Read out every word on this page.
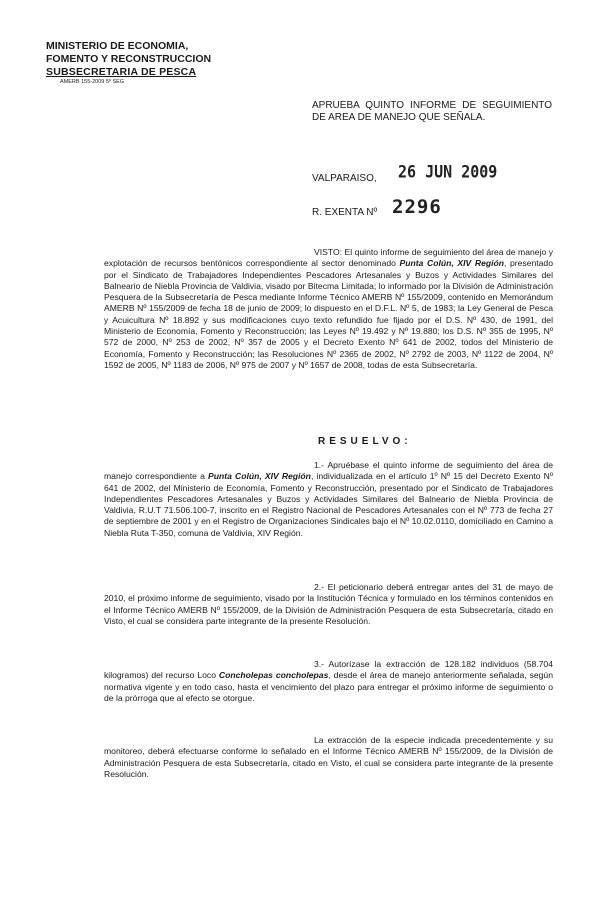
MINISTERIO DE ECONOMIA,
FOMENTO Y RECONSTRUCCION
SUBSECRETARIA DE PESCA
AMERB 155-2009 5º SEG
APRUEBA QUINTO INFORME DE SEGUIMIENTO DE AREA DE MANEJO QUE SEÑALA.
VALPARAISO, 26 JUN 2009
R. EXENTA Nº 2296
VISTO: El quinto informe de seguimiento del área de manejo y explotación de recursos bentónicos correspondiente al sector denominado Punta Colún, XIV Región, presentado por el Sindicato de Trabajadores Independientes Pescadores Artesanales y Buzos y Actividades Similares del Balneario de Niebla Provincia de Valdivia, visado por Bitecma Limitada; lo informado por la División de Administración Pesquera de la Subsecretaría de Pesca mediante Informe Técnico AMERB Nº 155/2009, contenido en Memorándum AMERB Nº 155/2009 de fecha 18 de junio de 2009; lo dispuesto en el D.F.L. Nº 5, de 1983; la Ley General de Pesca y Acuicultura Nº 18.892 y sus modificaciones cuyo texto refundido fue fijado por el D.S. Nº 430, de 1991, del Ministerio de Economía, Fomento y Reconstrucción; las Leyes Nº 19.492 y Nº 19.880; los D.S. Nº 355 de 1995, Nº 572 de 2000, Nº 253 de 2002, Nº 357 de 2005 y el Decreto Exento Nº 641 de 2002, todos del Ministerio de Economía, Fomento y Reconstrucción; las Resoluciones Nº 2365 de 2002, Nº 2792 de 2003, Nº 1122 de 2004, Nº 1592 de 2005, Nº 1183 de 2006, Nº 975 de 2007 y Nº 1657 de 2008, todas de esta Subsecretaría.
RESUELVO:
1.- Apruébase el quinto informe de seguimiento del área de manejo correspondiente a Punta Colún, XIV Región, individualizada en el artículo 1º Nº 15 del Decreto Exento Nº 641 de 2002, del Ministerio de Economía, Fomento y Reconstrucción, presentado por el Sindicato de Trabajadores Independientes Pescadores Artesanales y Buzos y Actividades Similares del Balneario de Niebla Provincia de Valdivia, R.U.T 71.506.100-7, inscrito en el Registro Nacional de Pescadores Artesanales con el Nº 773 de fecha 27 de septiembre de 2001 y en el Registro de Organizaciones Sindicales bajo el Nº 10.02.0110, domiciliado en Camino a Niebla Ruta T-350, comuna de Valdivia, XIV Región.
2.- El peticionario deberá entregar antes del 31 de mayo de 2010, el próximo informe de seguimiento, visado por la Institución Técnica y formulado en los términos contenidos en el Informe Técnico AMERB Nº 155/2009, de la División de Administración Pesquera de esta Subsecretaría, citado en Visto, el cual se considera parte integrante de la presente Resolución.
3.- Autorízase la extracción de 128.182 individuos (58.704 kilogramos) del recurso Loco Concholepas concholepas, desde el área de manejo anteriormente señalada, según normativa vigente y en todo caso, hasta el vencimiento del plazo para entregar el próximo informe de seguimiento o de la prórroga que al efecto se otorgue.
La extracción de la especie indicada precedentemente y su monitoreo, deberá efectuarse conforme lo señalado en el Informe Técnico AMERB Nº 155/2009, de la División de Administración Pesquera de esta Subsecretaría, citado en Visto, el cual se considera parte integrante de la presente Resolución.
